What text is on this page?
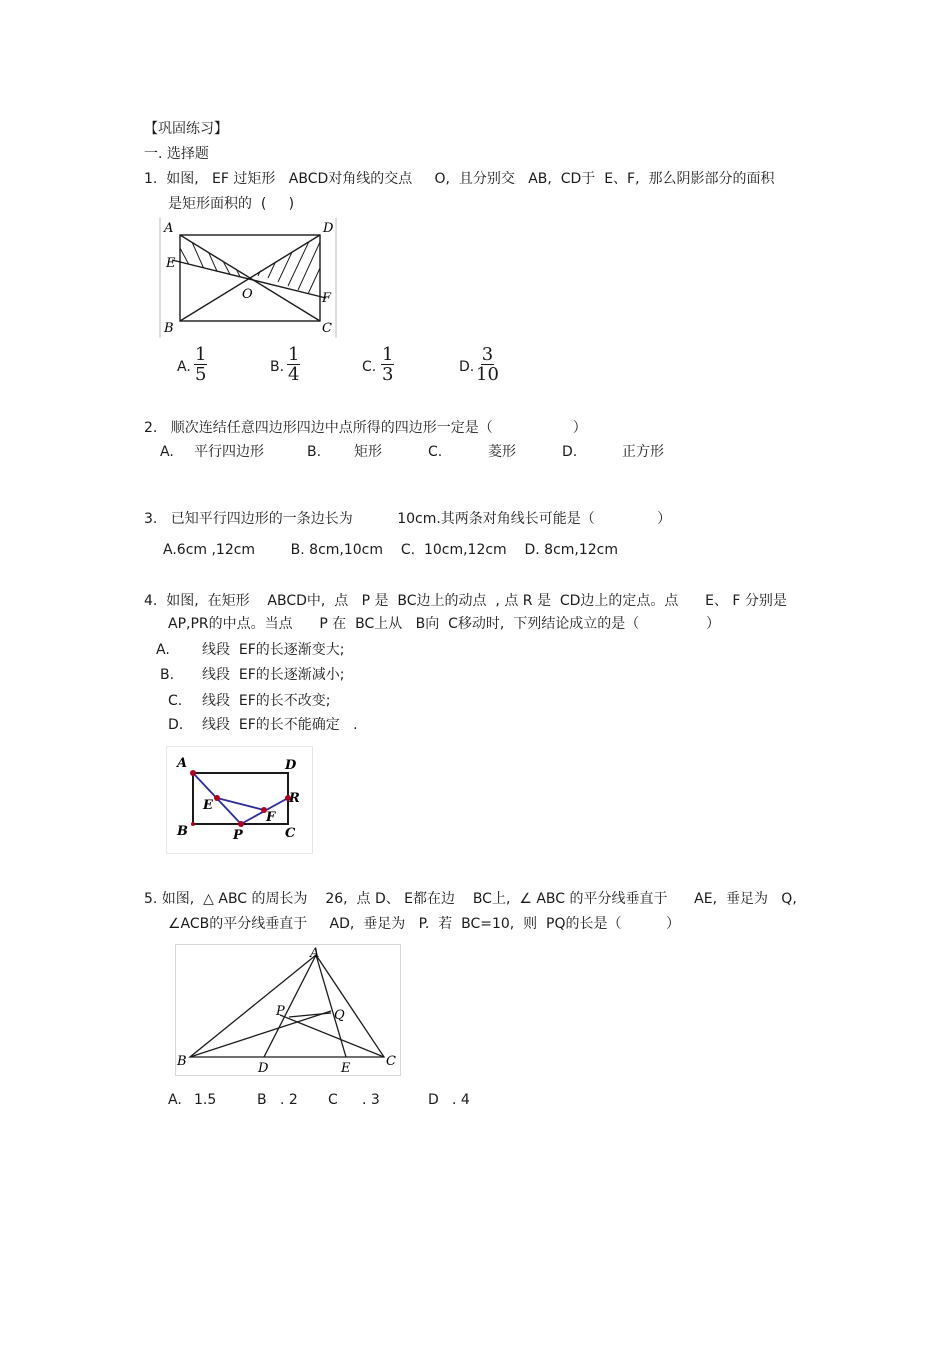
【巩固练习】
一. 选择题
1.  如图,   EF 过矩形   ABCD对角线的交点     O,  且分别交   AB,  CD于  E、F,  那么阴影部分的面积
是矩形面积的  (     )
A	D
E
F
O
B	C
A. $\frac{1}{5}$	B. $\frac{1}{4}$	C. $\frac{1}{3}$	D. $\frac{3}{10}$
2.   顺次连结任意四边形四边中点所得的四边形一定是（                  ）
A. 平行四边形	B. 矩形	C.	菱形	D.	正方形
3.   已知平行四边形的一条边长为          10cm.其两条对角线长可能是（              ）
A.6cm ,12cm        B. 8cm,10cm    C.  10cm,12cm    D. 8cm,12cm
4.  如图,  在矩形    ABCD中,  点   P 是  BC边上的动点  , 点 R 是  CD边上的定点。点      E、 F 分别是
AP,PR的中点。当点      P 在  BC上从   B向  C移动时,  下列结论成立的是（               ）
A. 线段  EF的长逐渐变大;
B. 线段  EF的长逐渐减小;
C. 线段  EF的长不改变;
D. 线段  EF的长不能确定   .
A	D
E	R
F
B	P	C
5. 如图,  △ ABC 的周长为    26,  点 D、 E都在边    BC上,  ∠ ABC 的平分线垂直于      AE,  垂足为   Q,
∠ACB的平分线垂直于     AD,  垂足为   P.  若  BC=10,  则  PQ的长是（          ）
A
P	Q
B	D	E	C
A. 1.5	B . 2 C . 3	D . 4
